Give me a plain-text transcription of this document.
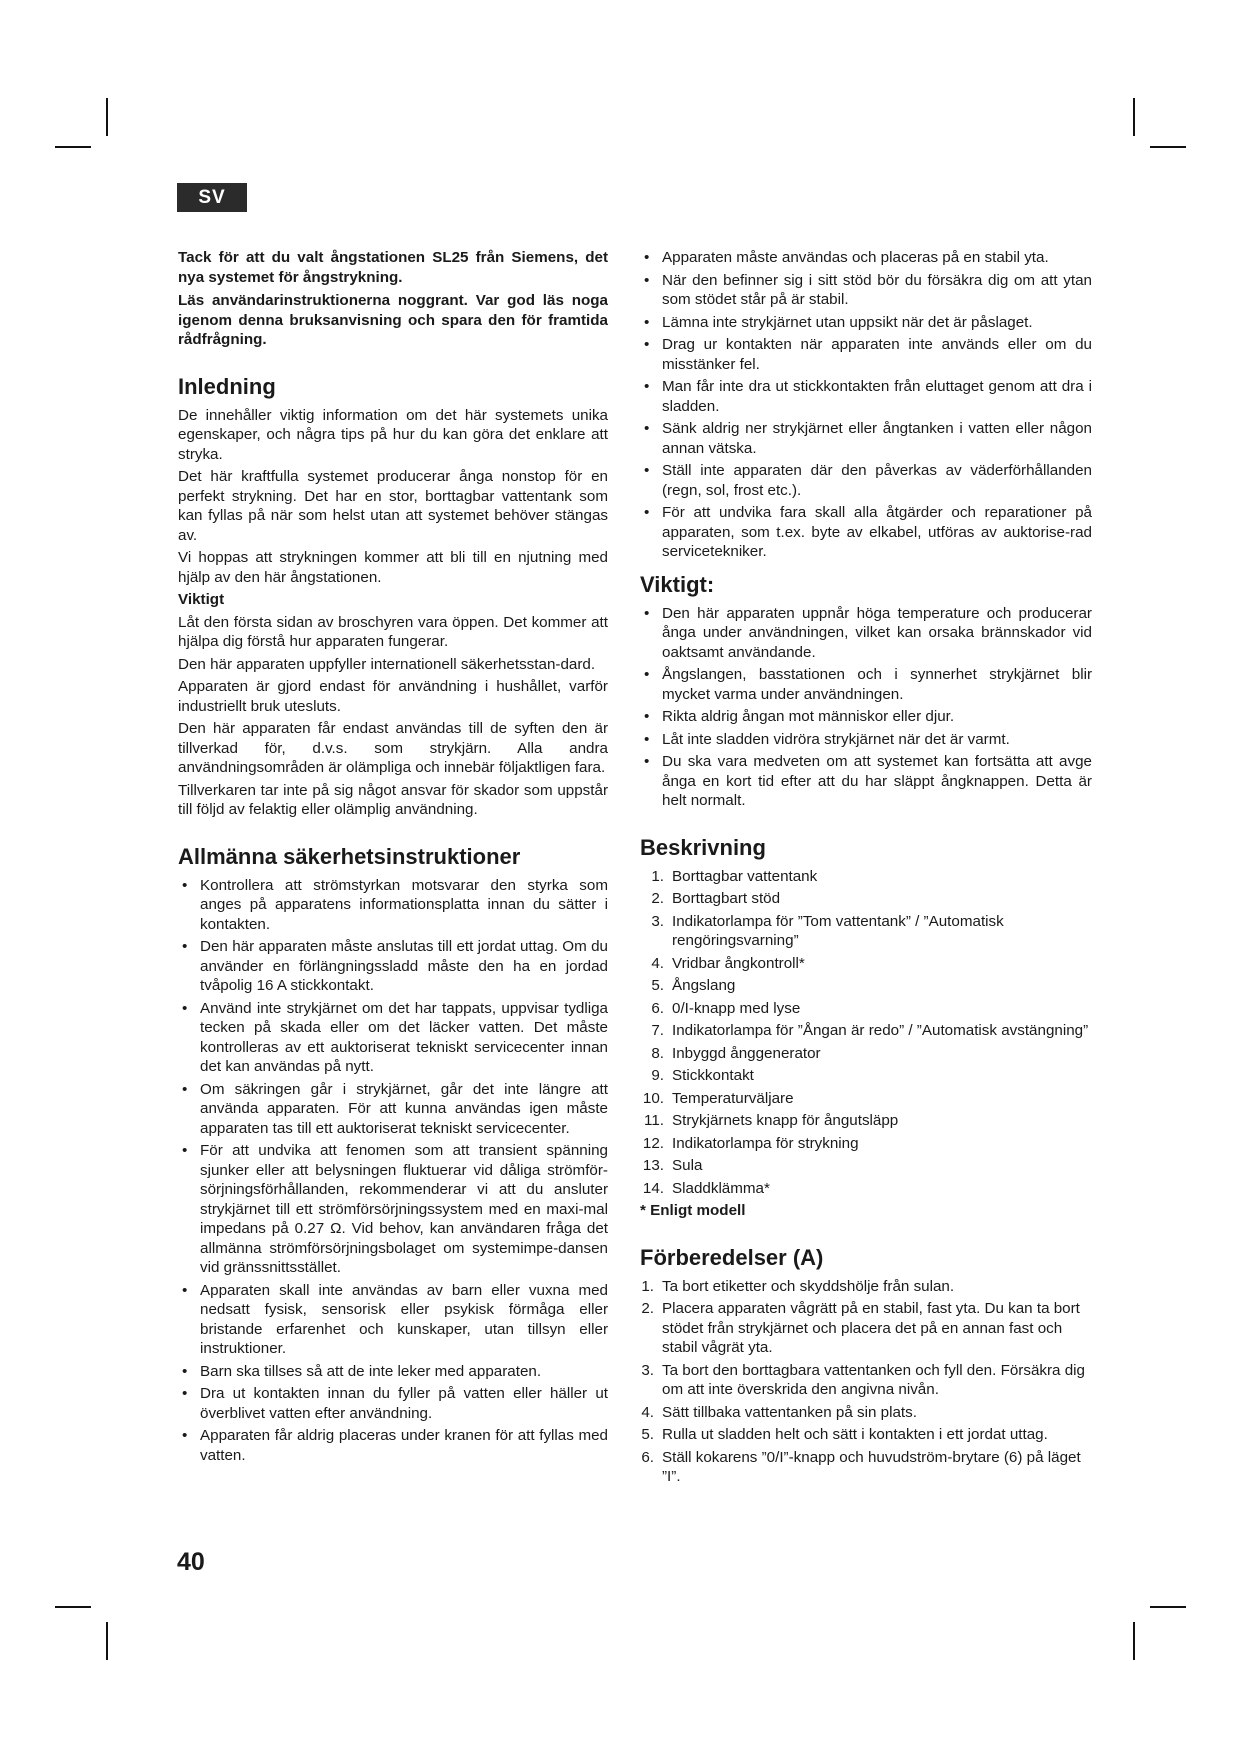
SV

Tack för att du valt ångstationen SL25 från Siemens, det nya systemet för ångstrykning.

Läs användarinstruktionerna noggrant. Var god läs noga igenom denna bruksanvisning och spara den för framtida rådfrågning.

Inledning

De innehåller viktig information om det här systemets unika egenskaper, och några tips på hur du kan göra det enklare att stryka.

Det här kraftfulla systemet producerar ånga nonstop för en perfekt strykning. Det har en stor, borttagbar vattentank som kan fyllas på när som helst utan att systemet behöver stängas av.

Vi hoppas att strykningen kommer att bli till en njutning med hjälp av den här ångstationen.

Viktigt

Låt den första sidan av broschyren vara öppen. Det kommer att hjälpa dig förstå hur apparaten fungerar.

Den här apparaten uppfyller internationell säkerhetsstan-dard.

Apparaten är gjord endast för användning i hushållet, varför industriellt bruk utesluts.

Den här apparaten får endast användas till de syften den är tillverkad för, d.v.s. som strykjärn. Alla andra användningsområden är olämpliga och innebär följaktligen fara.

Tillverkaren tar inte på sig något ansvar för skador som uppstår till följd av felaktig eller olämplig användning.

Allmänna säkerhetsinstruktioner
• Kontrollera att strömstyrkan motsvarar den styrka som anges på apparatens informationsplatta innan du sätter i kontakten.
• Den här apparaten måste anslutas till ett jordat uttag. Om du använder en förlängningssladd måste den ha en jordad tvåpolig 16 A stickkontakt.
• Använd inte strykjärnet om det har tappats, uppvisar tydliga tecken på skada eller om det läcker vatten. Det måste kontrolleras av ett auktoriserat tekniskt servicecenter innan det kan användas på nytt.
• Om säkringen går i strykjärnet, går det inte längre att använda apparaten. För att kunna användas igen måste apparaten tas till ett auktoriserat tekniskt servicecenter.
• För att undvika att fenomen som att transient spänning sjunker eller att belysningen fluktuerar vid dåliga strömför-sörjningsförhållanden, rekommenderar vi att du ansluter strykjärnet till ett strömförsörjningssystem med en maxi-mal impedans på 0.27 Ω. Vid behov, kan användaren fråga det allmänna strömförsörjningsbolaget om systemimpe-dansen vid gränssnittsstället.
• Apparaten skall inte användas av barn eller vuxna med nedsatt fysisk, sensorisk eller psykisk förmåga eller bristande erfarenhet och kunskaper, utan tillsyn eller instruktioner.
• Barn ska tillses så att de inte leker med apparaten.
• Dra ut kontakten innan du fyller på vatten eller häller ut överblivet vatten efter användning.
• Apparaten får aldrig placeras under kranen för att fyllas med vatten.
• Apparaten måste användas och placeras på en stabil yta.
• När den befinner sig i sitt stöd bör du försäkra dig om att ytan som stödet står på är stabil.
• Lämna inte strykjärnet utan uppsikt när det är påslaget.
• Drag ur kontakten när apparaten inte används eller om du misstänker fel.
• Man får inte dra ut stickkontakten från eluttaget genom att dra i sladden.
• Sänk aldrig ner strykjärnet eller ångtanken i vatten eller någon annan vätska.
• Ställ inte apparaten där den påverkas av väderförhållanden (regn, sol, frost etc.).
• För att undvika fara skall alla åtgärder och reparationer på apparaten, som t.ex. byte av elkabel, utföras av auktorise-rad servicetekniker.
Viktigt:
• Den här apparaten uppnår höga temperature och producerar ånga under användningen, vilket kan orsaka brännskador vid oaktsamt användande.
• Ångslangen, basstationen och i synnerhet strykjärnet blir mycket varma under användningen.
• Rikta aldrig ångan mot människor eller djur.
• Låt inte sladden vidröra strykjärnet när det är varmt.
• Du ska vara medveten om att systemet kan fortsätta att avge ånga en kort tid efter att du har släppt ångknappen. Detta är helt normalt.
Beskrivning
1. Borttagbar vattentank
2. Borttagbart stöd
3. Indikatorlampa för ”Tom vattentank” / ”Automatisk rengöringsvarning”
4. Vridbar ångkontroll*
5. Ångslang
6. 0/I-knapp med lyse
7. Indikatorlampa för ”Ångan är redo” / ”Automatisk avstängning”
8. Inbyggd ånggenerator
9. Stickkontakt
10. Temperaturväljare
11. Strykjärnets knapp för ångutsläpp
12. Indikatorlampa för strykning
13. Sula
14. Sladdklämma*

* Enligt modell

Förberedelser (A)
1. Ta bort etiketter och skyddshölje från sulan.
2. Placera apparaten vågrätt på en stabil, fast yta. Du kan ta bort stödet från strykjärnet och placera det på en annan fast och stabil vågrät yta.
3. Ta bort den borttagbara vattentanken och fyll den. Försäkra dig om att inte överskrida den angivna nivån.
4. Sätt tillbaka vattentanken på sin plats.
5. Rulla ut sladden helt och sätt i kontakten i ett jordat uttag.
6. Ställ kokarens ”0/I”-knapp och huvudström-brytare (6) på läget ”I”.
40
